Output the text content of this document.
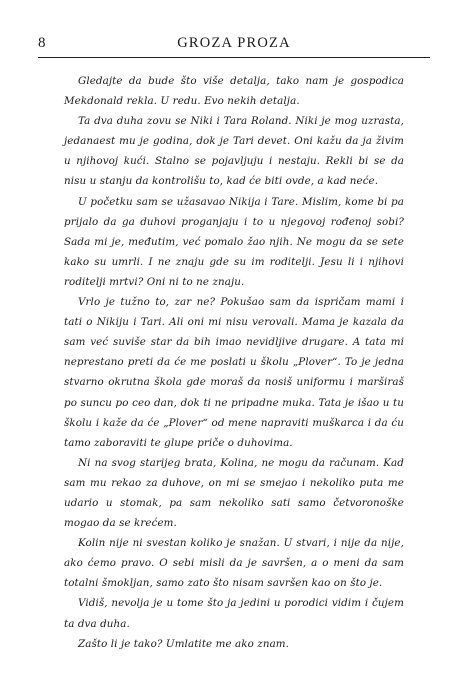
8	GROZA PROZA

Gledajte da bude što više detalja, tako nam je gospodica Mekdonald rekla. U redu. Evo nekih detalja.

Ta dva duha zovu se Niki i Tara Roland. Niki je mog uzrasta, jedanaest mu je godina, dok je Tari devet. Oni kažu da ja živim u njihovoj kući. Stalno se pojavljuju i nestaju. Rekli bi se da nisu u stanju da kontrolišu to, kad će biti ovde, a kad neće.

U početku sam se užasavao Nikija i Tare. Mislim, kome bi pa prijalo da ga duhovi proganjaju i to u njegovoj rođenoj sobi? Sada mi je, međutim, već pomalo žao njih. Ne mogu da se sete kako su umrli. I ne znaju gde su im roditelji. Jesu li i njihovi roditelji mrtvi? Oni ni to ne znaju.

Vrlo je tužno to, zar ne? Pokušao sam da ispričam mami i tati o Nikiju i Tari. Ali oni mi nisu verovali. Mama je kazala da sam već suviše star da bih imao nevidljive drugare. A tata mi neprestano preti da će me poslati u školu „Plover“. To je jedna stvarno okrutna škola gde moraš da nosiš uniformu i marširaš po suncu po ceo dan, dok ti ne pripadne muka. Tata je išao u tu školu i kaže da će „Plover“ od mene napraviti muškarca i da ću tamo zaboraviti te glupe priče o duhovima.

Ni na svog starijeg brata, Kolina, ne mogu da računam. Kad sam mu rekao za duhove, on mi se smejao i nekoliko puta me udario u stomak, pa sam nekoliko sati samo četvoronoške mogao da se krećem.

Kolin nije ni svestan koliko je snažan. U stvari, i nije da nije, ako ćemo pravo. O sebi misli da je savršen, a o meni da sam totalni šmokljan, samo zato što nisam savršen kao on što je.

Vidiš, nevolja je u tome što ja jedini u porodici vidim i čujem ta dva duha.

Zašto li je tako? Umlatite me ako znam.
